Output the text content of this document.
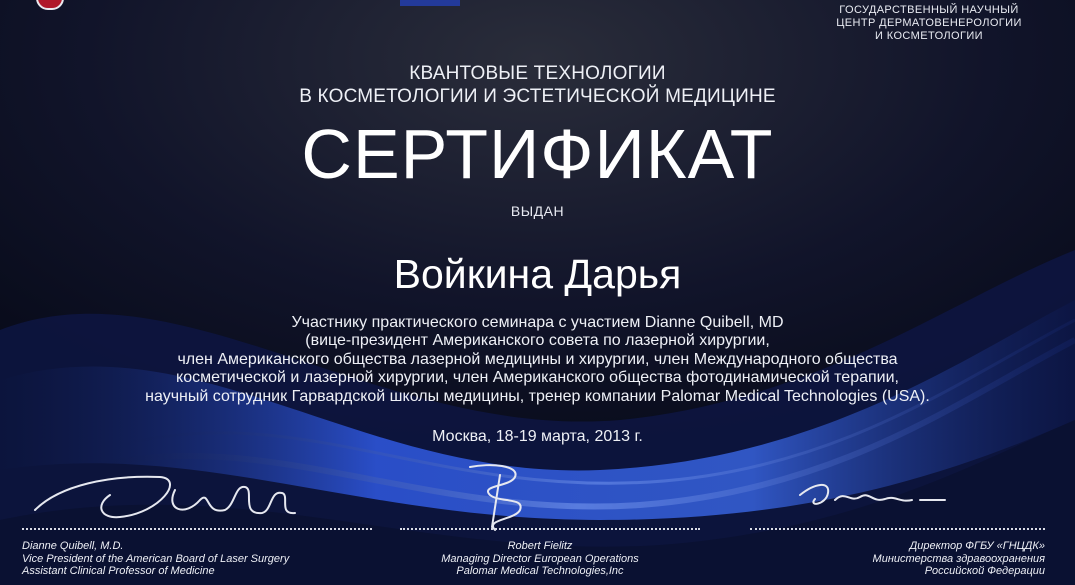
ГОСУДАРСТВЕННЫЙ НАУЧНЫЙ
ЦЕНТР ДЕРМАТОВЕНЕРОЛОГИИ
И КОСМЕТОЛОГИИ
КВАНТОВЫЕ ТЕХНОЛОГИИ
В КОСМЕТОЛОГИИ И ЭСТЕТИЧЕСКОЙ МЕДИЦИНЕ
СЕРТИФИКАТ
ВЫДАН
Войкина Дарья
Участнику практического семинара с участием Dianne Quibell, MD
(вице-президент Американского совета по лазерной хирургии,
член Американского общества лазерной медицины и хирургии, член Международного общества
косметической и лазерной хирургии, член Американского общества фотодинамической терапии,
научный сотрудник Гарвардской школы медицины, тренер компании Palomar Medical Technologies (USA).
Москва, 18-19 марта, 2013 г.
Dianne Quibell, M.D.
Vice President of the American Board of Laser Surgery
Assistant Clinical Professor of Medicine
Robert Fielitz
Managing Director European Operations
Palomar Medical Technologies,Inc
Директор ФГБУ «ГНЦДК»
Министерства здравоохранения
Российской Федерации
